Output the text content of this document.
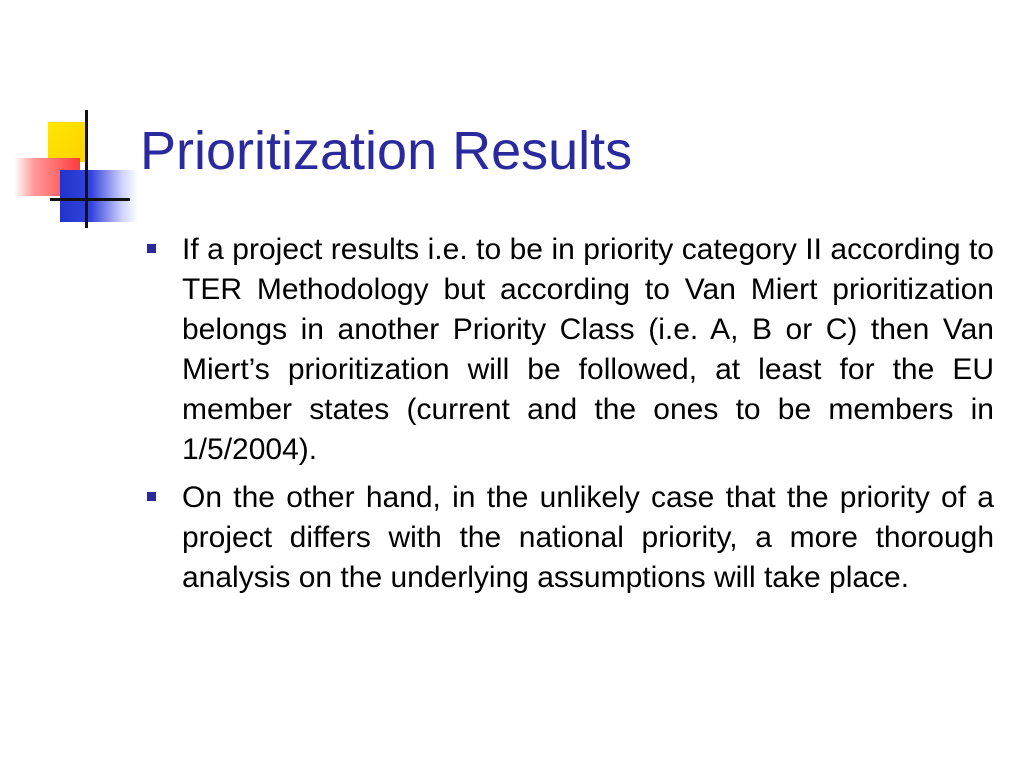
Prioritization Results
If a project results i.e. to be in priority category II according to TER Methodology but according to Van Miert prioritization belongs in another Priority Class (i.e. A, B or C) then Van Miert’s prioritization will be followed, at least for the EU member states (current and the ones to be members in 1/5/2004).
On the other hand, in the unlikely case that the priority of a project differs with the national priority, a more thorough analysis on the underlying assumptions will take place.
